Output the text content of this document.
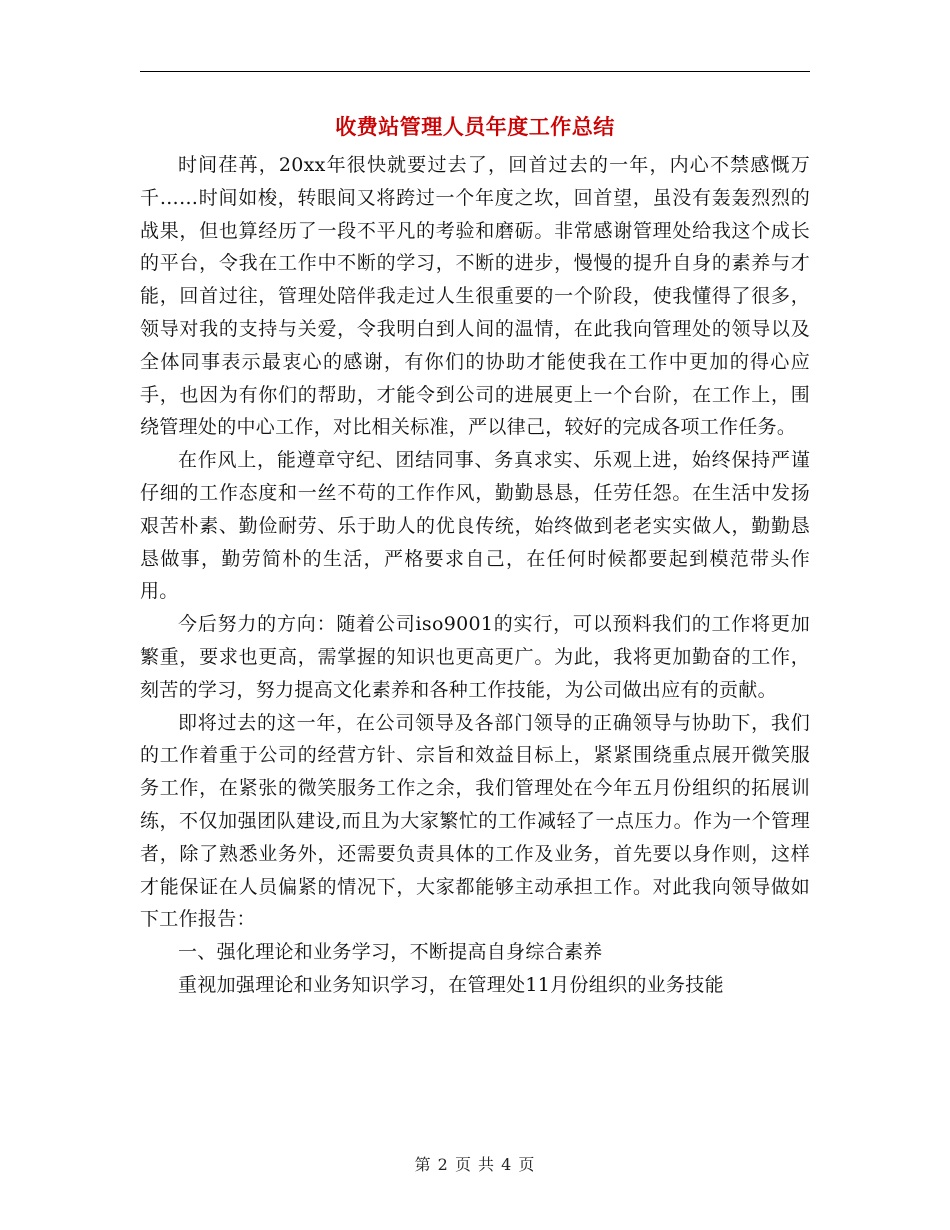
收费站管理人员年度工作总结

时间荏苒，20xx年很快就要过去了，回首过去的一年，内心不禁感慨万千……时间如梭，转眼间又将跨过一个年度之坎，回首望，虽没有轰轰烈烈的战果，但也算经历了一段不平凡的考验和磨砺。非常感谢管理处给我这个成长的平台，令我在工作中不断的学习，不断的进步，慢慢的提升自身的素养与才能，回首过往，管理处陪伴我走过人生很重要的一个阶段，使我懂得了很多，领导对我的支持与关爱，令我明白到人间的温情，在此我向管理处的领导以及全体同事表示最衷心的感谢，有你们的协助才能使我在工作中更加的得心应手，也因为有你们的帮助，才能令到公司的进展更上一个台阶，在工作上，围绕管理处的中心工作，对比相关标准，严以律己，较好的完成各项工作任务。

在作风上，能遵章守纪、团结同事、务真求实、乐观上进，始终保持严谨仔细的工作态度和一丝不苟的工作作风，勤勤恳恳，任劳任怨。在生活中发扬艰苦朴素、勤俭耐劳、乐于助人的优良传统，始终做到老老实实做人，勤勤恳恳做事，勤劳简朴的生活，严格要求自己，在任何时候都要起到模范带头作用。

今后努力的方向：随着公司iso9001的实行，可以预料我们的工作将更加繁重，要求也更高，需掌握的知识也更高更广。为此，我将更加勤奋的工作，刻苦的学习，努力提高文化素养和各种工作技能，为公司做出应有的贡献。

即将过去的这一年，在公司领导及各部门领导的正确领导与协助下，我们的工作着重于公司的经营方针、宗旨和效益目标上，紧紧围绕重点展开微笑服务工作，在紧张的微笑服务工作之余，我们管理处在今年五月份组织的拓展训练，不仅加强团队建设,而且为大家繁忙的工作减轻了一点压力。作为一个管理者，除了熟悉业务外，还需要负责具体的工作及业务，首先要以身作则，这样才能保证在人员偏紧的情况下，大家都能够主动承担工作。对此我向领导做如下工作报告：

一、强化理论和业务学习，不断提高自身综合素养

重视加强理论和业务知识学习，在管理处11月份组织的业务技能

第 2 页 共 4 页
